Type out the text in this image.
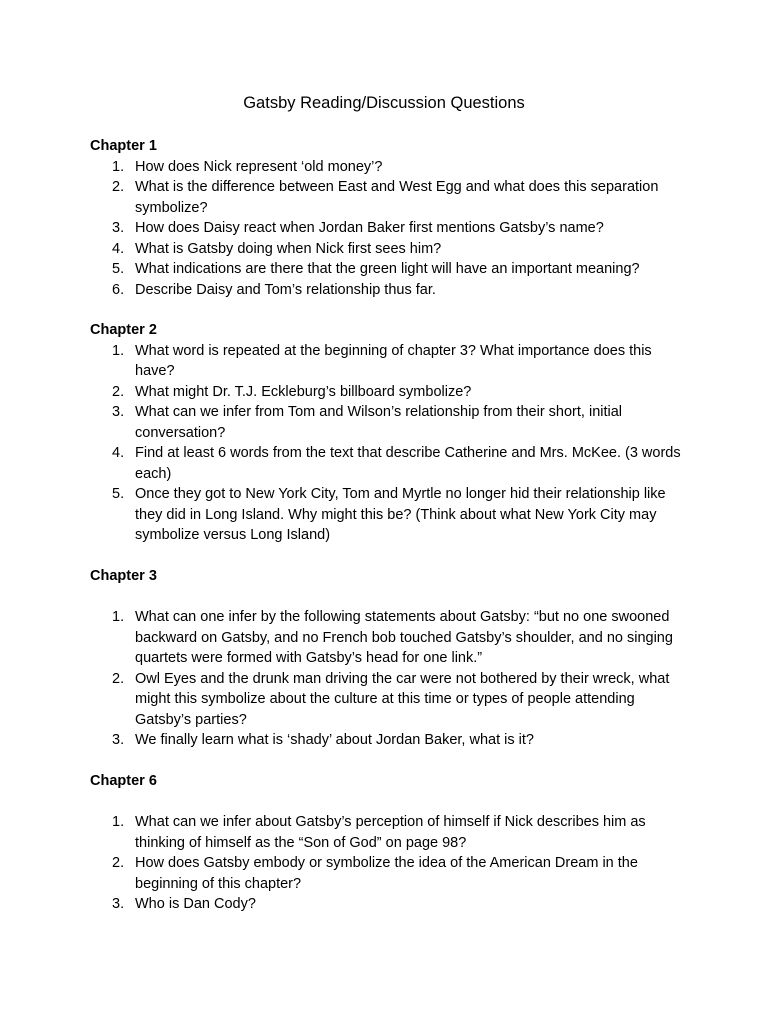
Gatsby Reading/Discussion Questions
Chapter 1
1. How does Nick represent ‘old money’?
2. What is the difference between East and West Egg and what does this separation symbolize?
3. How does Daisy react when Jordan Baker first mentions Gatsby’s name?
4. What is Gatsby doing when Nick first sees him?
5. What indications are there that the green light will have an important meaning?
6. Describe Daisy and Tom’s relationship thus far.
Chapter 2
1. What word is repeated at the beginning of chapter 3? What importance does this have?
2. What might Dr. T.J. Eckleburg’s billboard symbolize?
3. What can we infer from Tom and Wilson’s relationship from their short, initial conversation?
4. Find at least 6 words from the text that describe Catherine and Mrs. McKee. (3 words each)
5. Once they got to New York City, Tom and Myrtle no longer hid their relationship like they did in Long Island. Why might this be? (Think about what New York City may symbolize versus Long Island)
Chapter 3
1. What can one infer by the following statements about Gatsby: “but no one swooned backward on Gatsby, and no French bob touched Gatsby’s shoulder, and no singing quartets were formed with Gatsby’s head for one link.”
2. Owl Eyes and the drunk man driving the car were not bothered by their wreck, what might this symbolize about the culture at this time or types of people attending Gatsby’s parties?
3. We finally learn what is ‘shady’ about Jordan Baker, what is it?
Chapter 6
1. What can we infer about Gatsby’s perception of himself if Nick describes him as thinking of himself as the “Son of God” on page 98?
2. How does Gatsby embody or symbolize the idea of the American Dream in the beginning of this chapter?
3. Who is Dan Cody?
